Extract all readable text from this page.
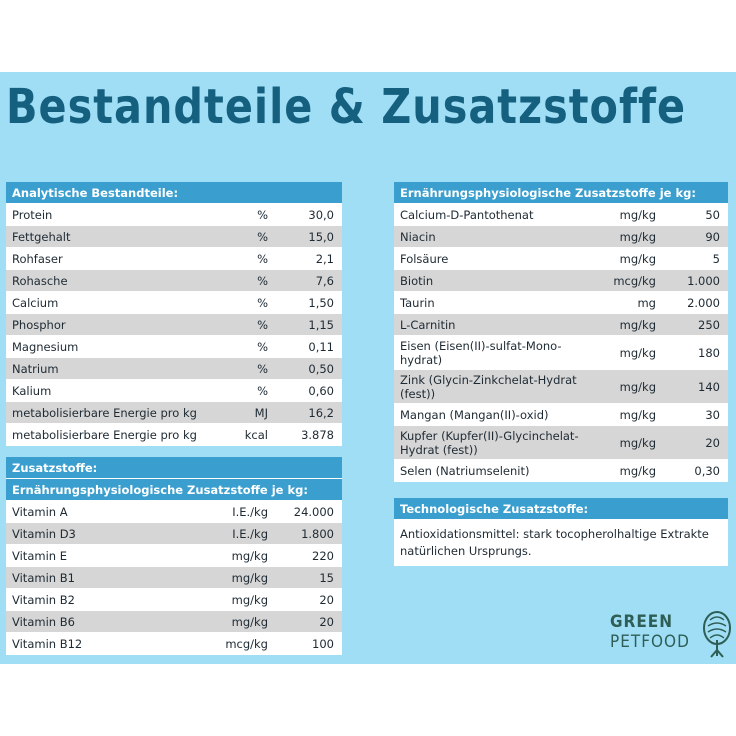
Bestandteile & Zusatzstoffe
Analytische Bestandteile:
Protein	%	30,0
Fettgehalt	%	15,0
Rohfaser	%	2,1
Rohasche	%	7,6
Calcium	%	1,50
Phosphor	%	1,15
Magnesium	%	0,11
Natrium	%	0,50
Kalium	%	0,60
metabolisierbare Energie pro kg	MJ	16,2
metabolisierbare Energie pro kg	kcal	3.878
Zusatzstoffe:
Ernährungsphysiologische Zusatzstoffe je kg:
Vitamin A	I.E./kg	24.000
Vitamin D3	I.E./kg	1.800
Vitamin E	mg/kg	220
Vitamin B1	mg/kg	15
Vitamin B2	mg/kg	20
Vitamin B6	mg/kg	20
Vitamin B12	mcg/kg	100
Ernährungsphysiologische Zusatzstoffe je kg:
Calcium-D-Pantothenat	mg/kg	50
Niacin	mg/kg	90
Folsäure	mg/kg	5
Biotin	mcg/kg	1.000
Taurin	mg	2.000
L-Carnitin	mg/kg	250
Eisen (Eisen(II)-sulfat-Mono-hydrat)	mg/kg	180
Zink (Glycin-Zinkchelat-Hydrat (fest))	mg/kg	140
Mangan (Mangan(II)-oxid)	mg/kg	30
Kupfer (Kupfer(II)-Glycinchelat-Hydrat (fest))	mg/kg	20
Selen (Natriumselenit)	mg/kg	0,30
Technologische Zusatzstoffe:
Antioxidationsmittel: stark tocopherolhaltige Extrakte natürlichen Ursprungs.
GREEN
PETFOOD
